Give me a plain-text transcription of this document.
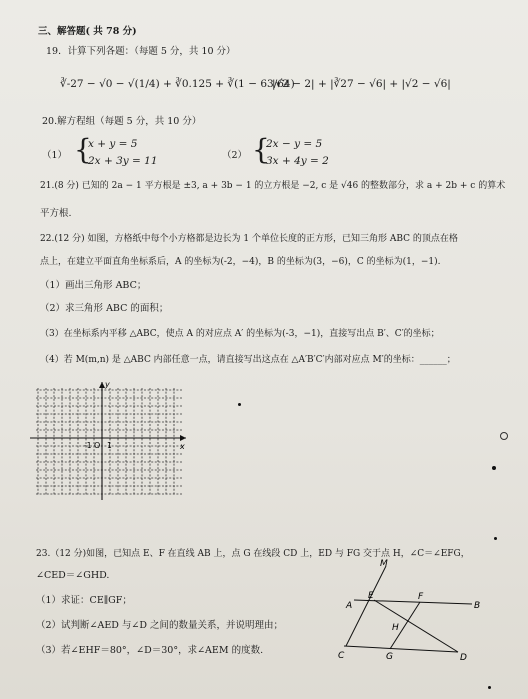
三、解答题( 共 78 分)
19．计算下列各题：（每题 5 分，共 10 分）
∛-27 − √0 − √(1/4) + ∛0.125 + ∛(1 − 63/64)
|√2 − 2| + |∛27 − √6| + |√2 − √6|
20.解方程组（每题 5 分，共 10 分）
（1） {
x + y = 5
2x + 3y = 11	（2） {
2x − y = 5
3x + 4y = 2
21.(8 分) 已知的 2a − 1 平方根是 ±3, a + 3b − 1 的立方根是 −2, c 是 √46 的整数部分，求 a + 2b + c 的算术
平方根.
22.(12 分) 如图，方格纸中每个小方格都是边长为 1 个单位长度的正方形，已知三角形 ABC 的顶点在格
点上，在建立平面直角坐标系后，A 的坐标为(-2，−4)，B 的坐标为(3，−6)，C 的坐标为(1，−1).
（1）画出三角形 ABC；
（2）求三角形 ABC 的面积；
（3）在坐标系内平移 △ABC，使点 A 的对应点 A′ 的坐标为(-3，−1)，直接写出点 B′、C′的坐标；
（4）若 M(m,n) 是 △ABC 内部任意一点，请直接写出这点在 △A′B′C′内部对应点 M′的坐标：______；
y
x
O
-1 1
23.（12 分)如图，已知点 E、F 在直线 AB 上，点 G 在线段 CD 上，ED 与 FG 交于点 H，∠C＝∠EFG，
∠CED＝∠GHD.
（1）求证：CE∥GF；
（2）试判断∠AED 与∠D 之间的数量关系，并说明理由；
（3）若∠EHF＝80°，∠D＝30°，求∠AEM 的度数.
M
E	F
A	B
H
C	G	D
